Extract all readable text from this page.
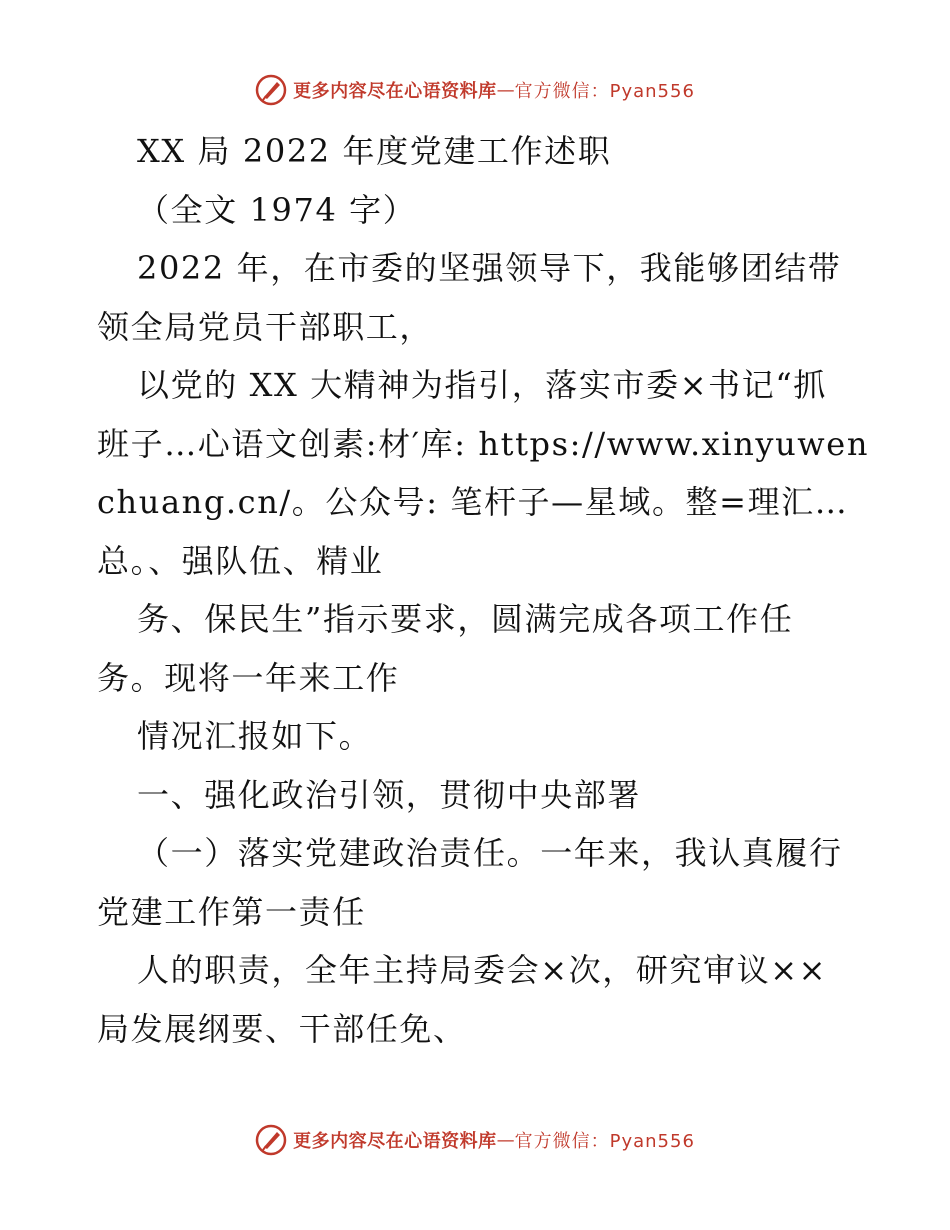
更多内容尽在心语资料库 — 官方微信：Pyan556
XX 局 2022 年度党建工作述职
（全文 1974 字）
2022 年，在市委的坚强领导下，我能够团结带
领全局党员干部职工，
以党的 XX 大精神为指引，落实市委×书记“抓
班子…心语文创素:材′库: https://www.xinyuwen
chuang.cn/。公众号: 笔杆子—星域。整=理汇…
总。、强队伍、精业
务、保民生”指示要求，圆满完成各项工作任
务。现将一年来工作
情况汇报如下。
一、强化政治引领，贯彻中央部署
（一）落实党建政治责任。一年来，我认真履行
党建工作第一责任
人的职责，全年主持局委会×次，研究审议××
局发展纲要、干部任免、
更多内容尽在心语资料库 — 官方微信：Pyan556
